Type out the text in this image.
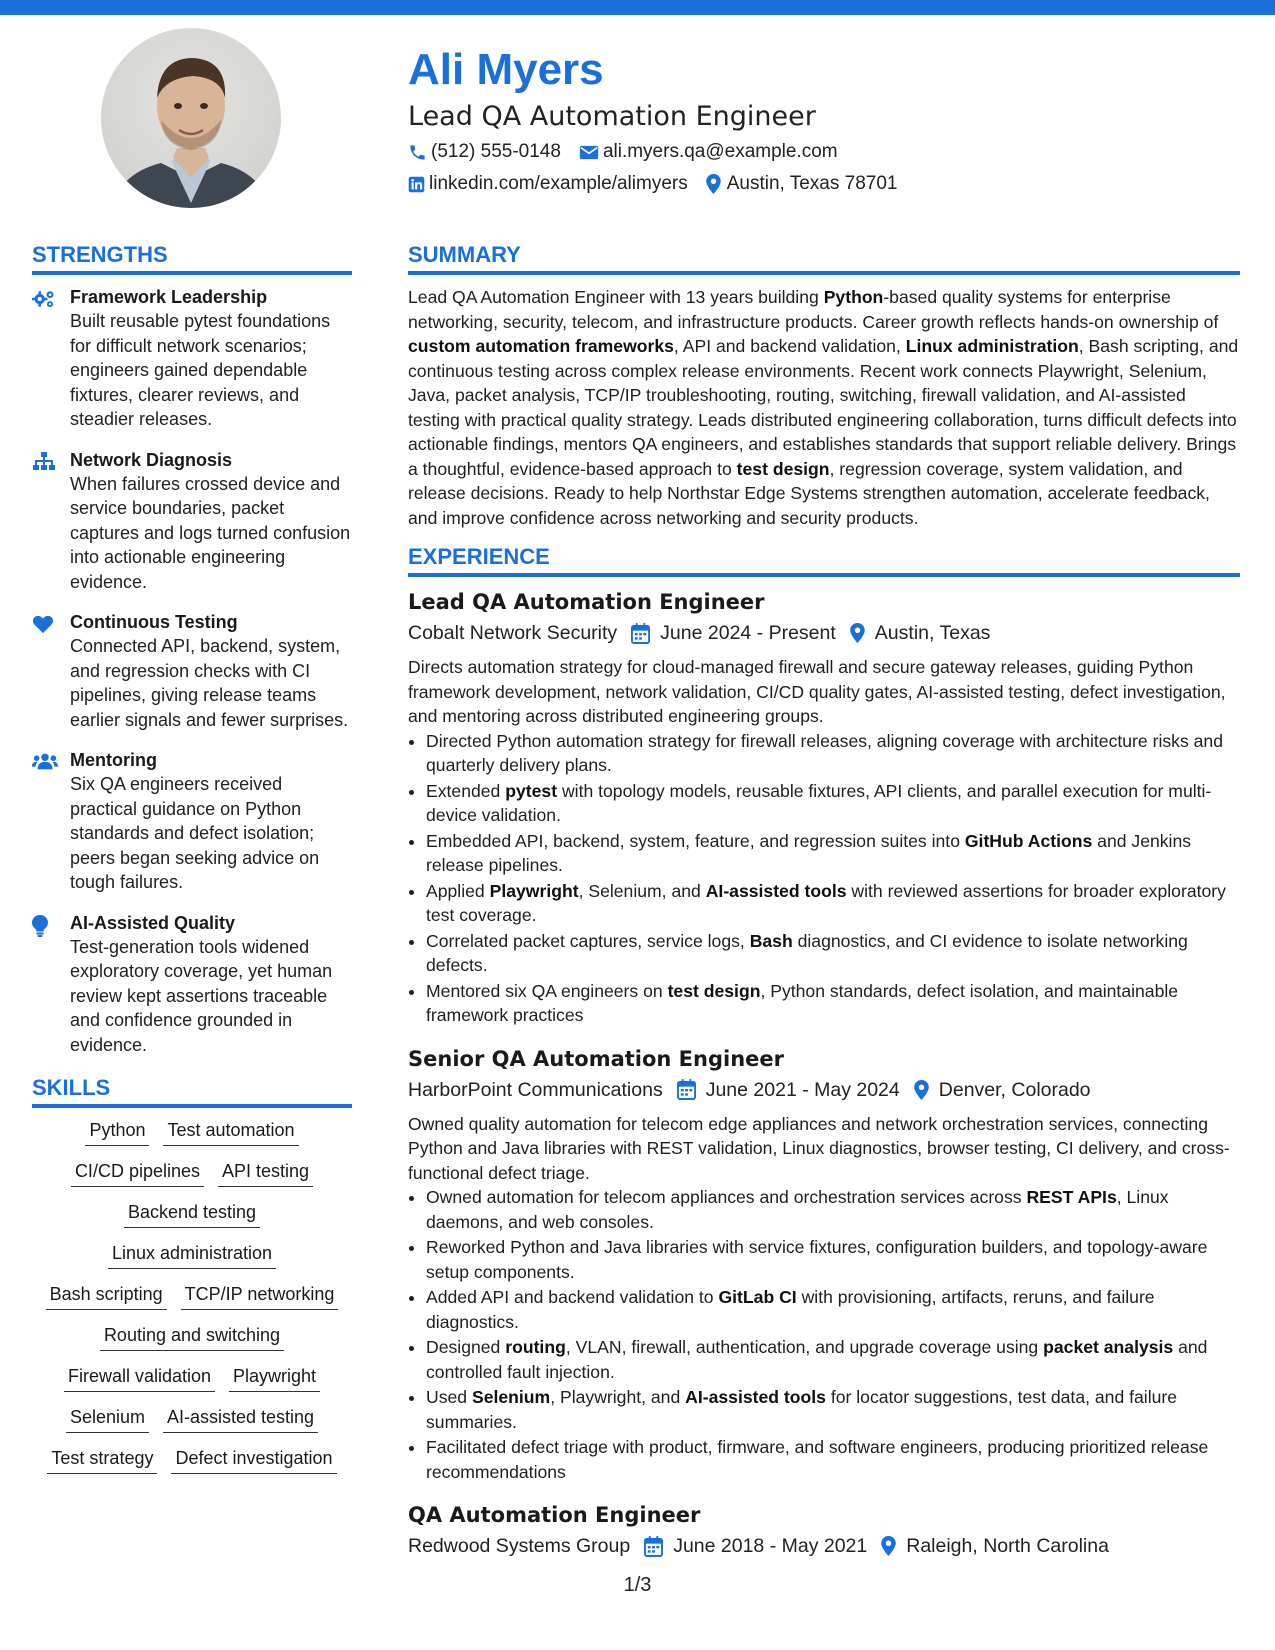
Ali Myers
Lead QA Automation Engineer
(512) 555-0148 ali.myers.qa@example.com
linkedin.com/example/alimyers Austin, Texas 78701
STRENGTHS
Framework Leadership
Built reusable pytest foundations for difficult network scenarios; engineers gained dependable fixtures, clearer reviews, and steadier releases.
Network Diagnosis
When failures crossed device and service boundaries, packet captures and logs turned confusion into actionable engineering evidence.
Continuous Testing
Connected API, backend, system, and regression checks with CI pipelines, giving release teams earlier signals and fewer surprises.
Mentoring
Six QA engineers received practical guidance on Python standards and defect isolation; peers began seeking advice on tough failures.
AI-Assisted Quality
Test-generation tools widened exploratory coverage, yet human review kept assertions traceable and confidence grounded in evidence.
SKILLS
Python Test automation
CI/CD pipelines API testing
Backend testing
Linux administration
Bash scripting TCP/IP networking
Routing and switching
Firewall validation Playwright
Selenium AI-assisted testing
Test strategy Defect investigation
SUMMARY
Lead QA Automation Engineer with 13 years building Python-based quality systems for enterprise networking, security, telecom, and infrastructure products. Career growth reflects hands-on ownership of custom automation frameworks, API and backend validation, Linux administration, Bash scripting, and continuous testing across complex release environments. Recent work connects Playwright, Selenium, Java, packet analysis, TCP/IP troubleshooting, routing, switching, firewall validation, and AI-assisted testing with practical quality strategy. Leads distributed engineering collaboration, turns difficult defects into actionable findings, mentors QA engineers, and establishes standards that support reliable delivery. Brings a thoughtful, evidence-based approach to test design, regression coverage, system validation, and release decisions. Ready to help Northstar Edge Systems strengthen automation, accelerate feedback, and improve confidence across networking and security products.
EXPERIENCE
Lead QA Automation Engineer
Cobalt Network Security June 2024 - Present Austin, Texas
Directs automation strategy for cloud-managed firewall and secure gateway releases, guiding Python framework development, network validation, CI/CD quality gates, AI-assisted testing, defect investigation, and mentoring across distributed engineering groups.
• Directed Python automation strategy for firewall releases, aligning coverage with architecture risks and quarterly delivery plans.
• Extended pytest with topology models, reusable fixtures, API clients, and parallel execution for multi-device validation.
• Embedded API, backend, system, feature, and regression suites into GitHub Actions and Jenkins release pipelines.
• Applied Playwright, Selenium, and AI-assisted tools with reviewed assertions for broader exploratory test coverage.
• Correlated packet captures, service logs, Bash diagnostics, and CI evidence to isolate networking defects.
• Mentored six QA engineers on test design, Python standards, defect isolation, and maintainable framework practices
Senior QA Automation Engineer
HarborPoint Communications June 2021 - May 2024 Denver, Colorado
Owned quality automation for telecom edge appliances and network orchestration services, connecting Python and Java libraries with REST validation, Linux diagnostics, browser testing, CI delivery, and cross-functional defect triage.
• Owned automation for telecom appliances and orchestration services across REST APIs, Linux daemons, and web consoles.
• Reworked Python and Java libraries with service fixtures, configuration builders, and topology-aware setup components.
• Added API and backend validation to GitLab CI with provisioning, artifacts, reruns, and failure diagnostics.
• Designed routing, VLAN, firewall, authentication, and upgrade coverage using packet analysis and controlled fault injection.
• Used Selenium, Playwright, and AI-assisted tools for locator suggestions, test data, and failure summaries.
• Facilitated defect triage with product, firmware, and software engineers, producing prioritized release recommendations
QA Automation Engineer
Redwood Systems Group June 2018 - May 2021 Raleigh, North Carolina
1/3
